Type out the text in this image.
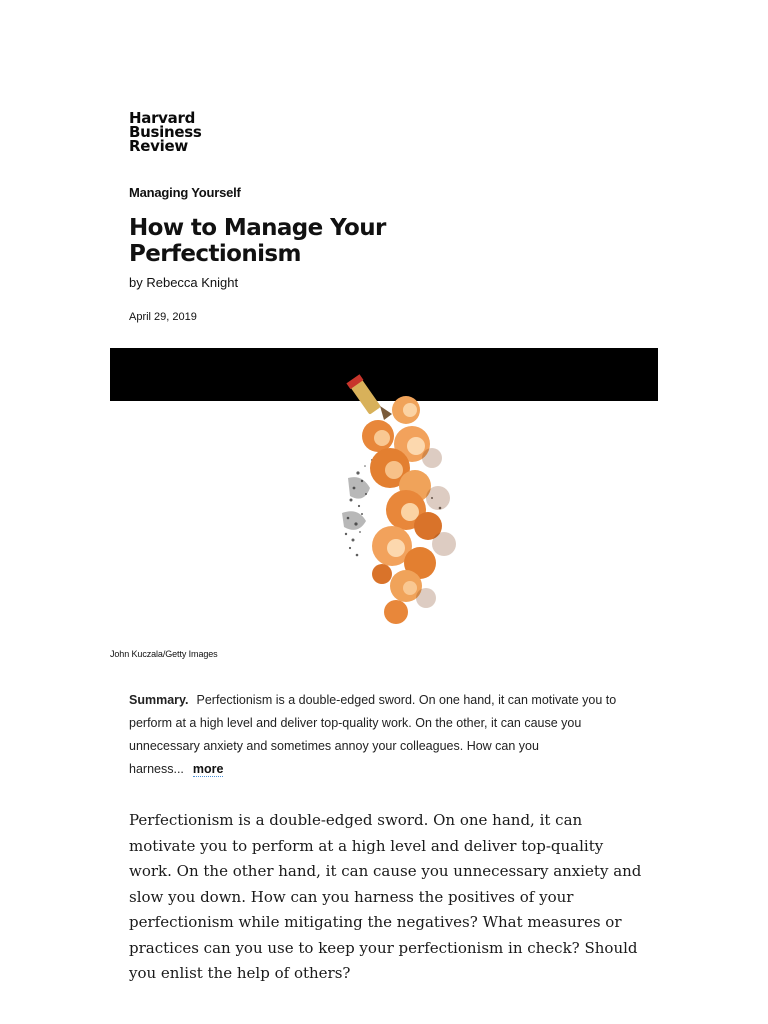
Harvard
Business
Review
Managing Yourself
How to Manage Your Perfectionism
by Rebecca Knight
April 29, 2019
John Kuczala/Getty Images
Summary. Perfectionism is a double-edged sword. On one hand, it can motivate you to perform at a high level and deliver top-quality work. On the other, it can cause you unnecessary anxiety and sometimes annoy your colleagues. How can you harness... more

Perfectionism is a double-edged sword. On one hand, it can motivate you to perform at a high level and deliver top-quality work. On the other hand, it can cause you unnecessary anxiety and slow you down. How can you harness the positives of your perfectionism while mitigating the negatives? What measures or practices can you use to keep your perfectionism in check? Should you enlist the help of others?
